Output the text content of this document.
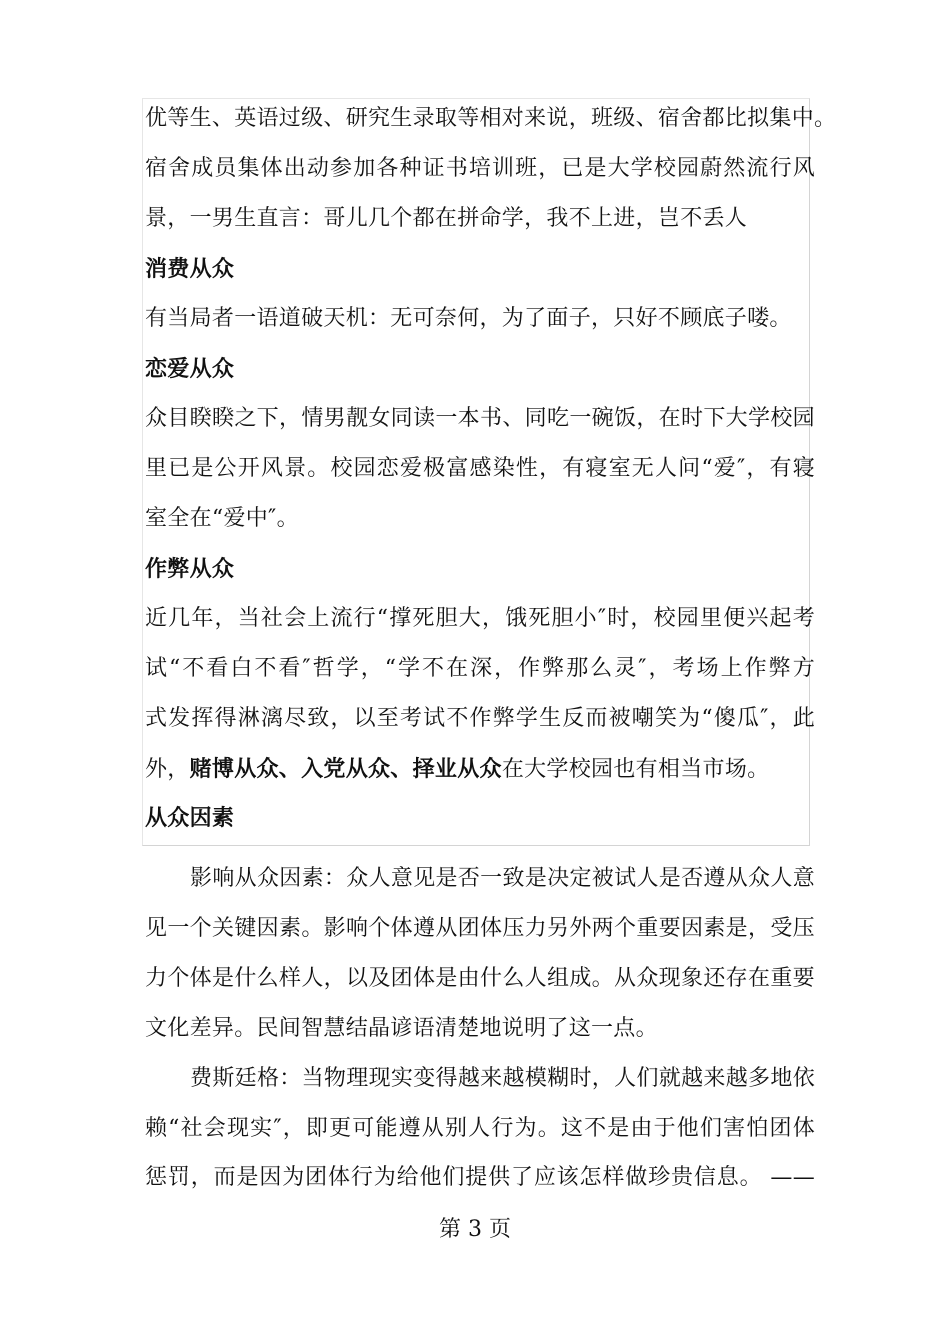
优等生、英语过级、研究生录取等相对来说，班级、宿舍都比拟集中。
宿舍成员集体出动参加各种证书培训班，已是大学校园蔚然流行风
景，一男生直言：哥儿几个都在拼命学，我不上进，岂不丢人
消费从众
有当局者一语道破天机：无可奈何，为了面子，只好不顾底子喽。
恋爱从众
众目睽睽之下，情男靓女同读一本书、同吃一碗饭，在时下大学校园
里已是公开风景。校园恋爱极富感染性，有寝室无人问“爱″，有寝
室全在“爱中″。
作弊从众
近几年，当社会上流行“撑死胆大，饿死胆小″时，校园里便兴起考
试“不看白不看″哲学，“学不在深，作弊那么灵″，考场上作弊方
式发挥得淋漓尽致，以至考试不作弊学生反而被嘲笑为“傻瓜″，此
外，赌博从众、入党从众、择业从众在大学校园也有相当市场。
从众因素
影响从众因素：众人意见是否一致是决定被试人是否遵从众人意
见一个关键因素。影响个体遵从团体压力另外两个重要因素是，受压
力个体是什么样人，以及团体是由什么人组成。从众现象还存在重要
文化差异。民间智慧结晶谚语清楚地说明了这一点。
费斯廷格：当物理现实变得越来越模糊时，人们就越来越多地依
赖“社会现实″，即更可能遵从别人行为。这不是由于他们害怕团体
惩罚，而是因为团体行为给他们提供了应该怎样做珍贵信息。 ——
第 3 页
